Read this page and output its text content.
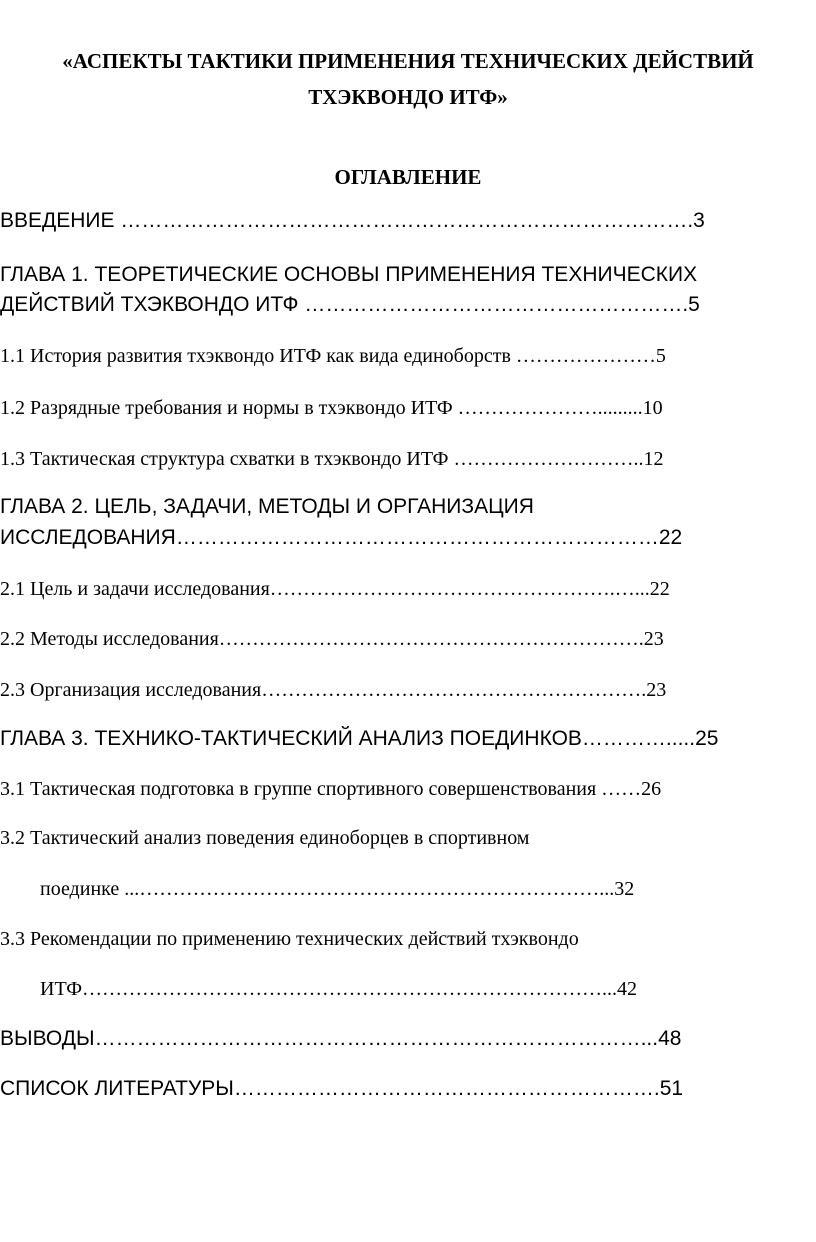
«АСПЕКТЫ ТАКТИКИ ПРИМЕНЕНИЯ ТЕХНИЧЕСКИХ ДЕЙСТВИЙ
ТХЭКВОНДО ИТФ»
ОГЛАВЛЕНИЕ
ВВЕДЕНИЕ ……………………………………………………………………….3
ГЛАВА 1. ТЕОРЕТИЧЕСКИЕ ОСНОВЫ ПРИМЕНЕНИЯ ТЕХНИЧЕСКИХ
ДЕЙСТВИЙ ТХЭКВОНДО ИТФ ……………………………………………….5
1.1 История развития тхэквондо ИТФ как вида единоборств …………………5
1.2 Разрядные требования и нормы в тхэквондо ИТФ ………………….........10
1.3 Тактическая структура схватки в тхэквондо ИТФ ………………………..12
ГЛАВА 2. ЦЕЛЬ, ЗАДАЧИ, МЕТОДЫ И ОРГАНИЗАЦИЯ
ИССЛЕДОВАНИЯ……………………………………………………………22
2.1 Цель и задачи исследования…………………………………………….…...22
2.2 Методы исследования……………………………………………………….23
2.3 Организация исследования………………………………………………….23
ГЛАВА 3. ТЕХНИКО-ТАКТИЧЕСКИЙ АНАЛИЗ ПОЕДИНКОВ………….....25
3.1 Тактическая подготовка в группе спортивного совершенствования ……26
3.2 Тактический анализ поведения единоборцев в спортивном
поединке ...……………………………………………………………...32
3.3 Рекомендации по применению технических действий тхэквондо
ИТФ……………………………………………………………………...42
ВЫВОДЫ……………………………………………………………………...48
СПИСОК ЛИТЕРАТУРЫ…………………………………………………….51
